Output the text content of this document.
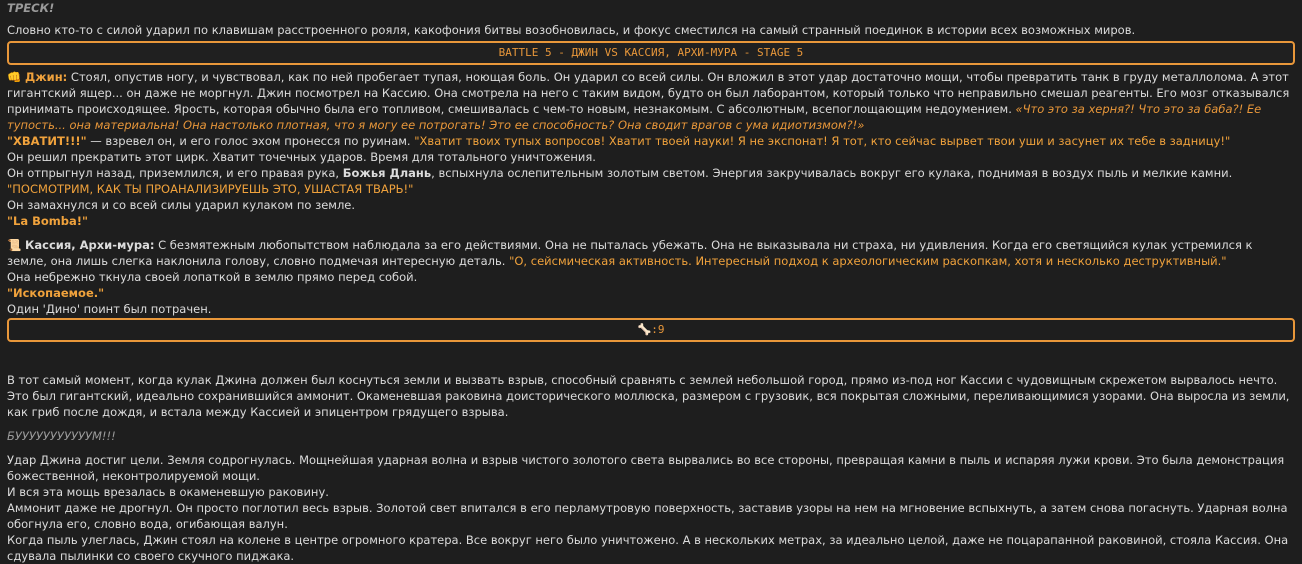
ТРЕСК!

Словно кто-то с силой ударил по клавишам расстроенного рояля, какофония битвы возобновилась, и фокус сместился на самый странный поединок в истории всех возможных миров.

BATTLE 5 - ДЖИН VS КАССИЯ, АРХИ-МУРА - STAGE 5

👊 Джин: Стоял, опустив ногу, и чувствовал, как по ней пробегает тупая, ноющая боль. Он ударил со всей силы. Он вложил в этот удар достаточно мощи, чтобы превратить танк в груду металлолома. А этот гигантский ящер... он даже не моргнул. Джин посмотрел на Кассию. Она смотрела на него с таким видом, будто он был лаборантом, который только что неправильно смешал реагенты. Его мозг отказывался принимать происходящее. Ярость, которая обычно была его топливом, смешивалась с чем-то новым, незнакомым. С абсолютным, всепоглощающим недоумением. «Что это за херня?! Что это за баба?! Ее тупость... она материальна! Она настолько плотная, что я могу ее потрогать! Это ее способность? Она сводит врагов с ума идиотизмом?!»

"ХВАТИТ!!!" — взревел он, и его голос эхом пронесся по руинам. "Хватит твоих тупых вопросов! Хватит твоей науки! Я не экспонат! Я тот, кто сейчас вырвет твои уши и засунет их тебе в задницу!"

Он решил прекратить этот цирк. Хватит точечных ударов. Время для тотального уничтожения.

Он отпрыгнул назад, приземлился, и его правая рука, Божья Длань, вспыхнула ослепительным золотым светом. Энергия закручивалась вокруг его кулака, поднимая в воздух пыль и мелкие камни.

"ПОСМОТРИМ, КАК ТЫ ПРОАНАЛИЗИРУЕШЬ ЭТО, УШАСТАЯ ТВАРЬ!"

Он замахнулся и со всей силы ударил кулаком по земле.

"La Bomba!"

📜 Кассия, Архи-мура: С безмятежным любопытством наблюдала за его действиями. Она не пыталась убежать. Она не выказывала ни страха, ни удивления. Когда его светящийся кулак устремился к земле, она лишь слегка наклонила голову, словно подмечая интересную деталь. "О, сейсмическая активность. Интересный подход к археологическим раскопкам, хотя и несколько деструктивный."

Она небрежно ткнула своей лопаткой в землю прямо перед собой.

"Ископаемое."

Один 'Дино' поинт был потрачен.

🦴:9

В тот самый момент, когда кулак Джина должен был коснуться земли и вызвать взрыв, способный сравнять с землей небольшой город, прямо из-под ног Кассии с чудовищным скрежетом вырвалось нечто.

Это был гигантский, идеально сохранившийся аммонит. Окаменевшая раковина доисторического моллюска, размером с грузовик, вся покрытая сложными, переливающимися узорами. Она выросла из земли, как гриб после дождя, и встала между Кассией и эпицентром грядущего взрыва.

БУУУУУУУУУУУМ!!!

Удар Джина достиг цели. Земля содрогнулась. Мощнейшая ударная волна и взрыв чистого золотого света вырвались во все стороны, превращая камни в пыль и испаряя лужи крови. Это была демонстрация божественной, неконтролируемой мощи.

И вся эта мощь врезалась в окаменевшую раковину.

Аммонит даже не дрогнул. Он просто поглотил весь взрыв. Золотой свет впитался в его перламутровую поверхность, заставив узоры на нем на мгновение вспыхнуть, а затем снова погаснуть. Ударная волна обогнула его, словно вода, огибающая валун.

Когда пыль улеглась, Джин стоял на колене в центре огромного кратера. Все вокруг него было уничтожено. А в нескольких метрах, за идеально целой, даже не поцарапанной раковиной, стояла Кассия. Она сдувала пылинки со своего скучного пиджака.
